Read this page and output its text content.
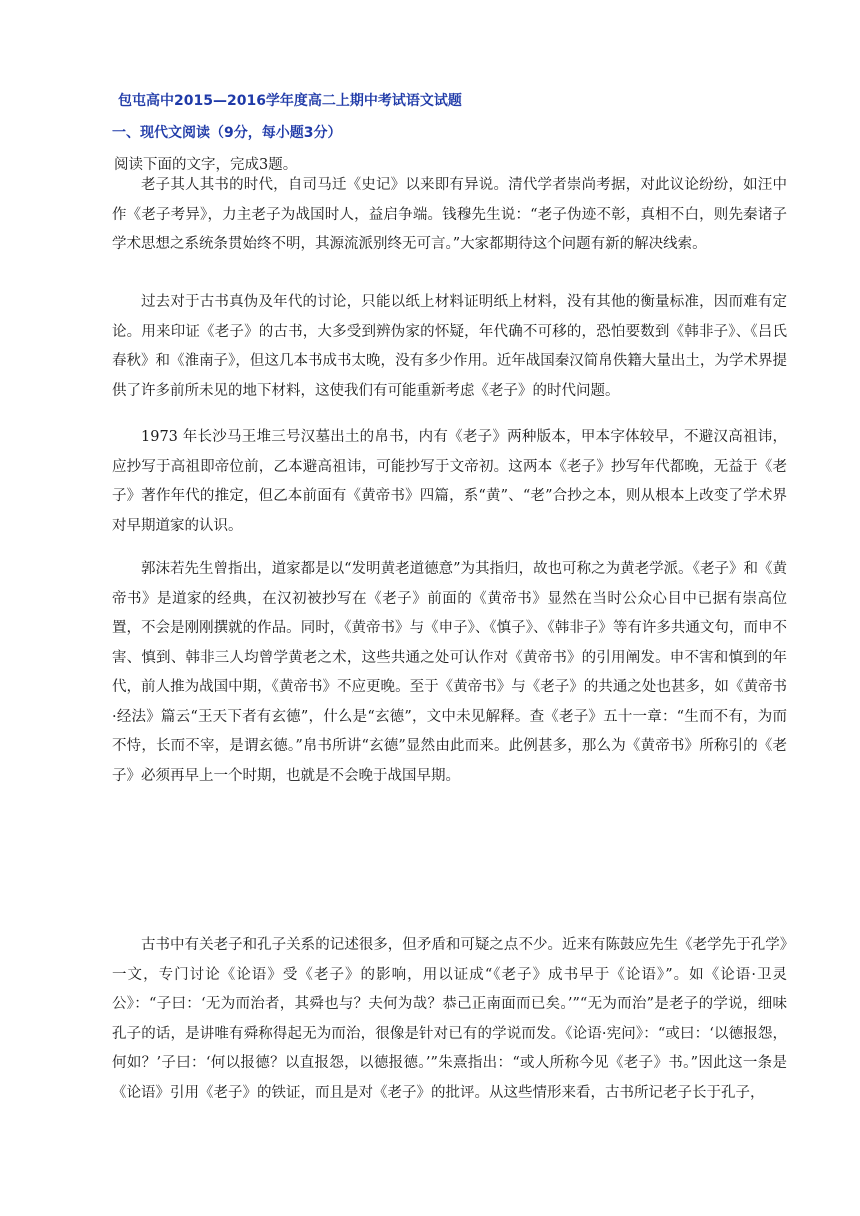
包屯高中2015—2016学年度高二上期中考试语文试题
一、现代文阅读（9分，每小题3分）

阅读下面的文字，完成3题。

老子其人其书的时代，自司马迁《史记》以来即有异说。清代学者崇尚考据，对此议论纷纷，如汪中作《老子考异》，力主老子为战国时人，益启争端。钱穆先生说：“老子伪迹不彰，真相不白，则先秦诸子学术思想之系统条贯始终不明，其源流派别终无可言。”大家都期待这个问题有新的解决线索。

过去对于古书真伪及年代的讨论，只能以纸上材料证明纸上材料，没有其他的衡量标准，因而难有定论。用来印证《老子》的古书，大多受到辨伪家的怀疑，年代确不可移的，恐怕要数到《韩非子》、《吕氏春秋》和《淮南子》，但这几本书成书太晚，没有多少作用。近年战国秦汉简帛佚籍大量出土，为学术界提供了许多前所未见的地下材料，这使我们有可能重新考虑《老子》的时代问题。

1973 年长沙马王堆三号汉墓出土的帛书，内有《老子》两种版本，甲本字体较早，不避汉高祖讳，应抄写于高祖即帝位前，乙本避高祖讳，可能抄写于文帝初。这两本《老子》抄写年代都晚，无益于《老子》著作年代的推定，但乙本前面有《黄帝书》四篇，系“黄”、“老”合抄之本，则从根本上改变了学术界对早期道家的认识。

郭沫若先生曾指出，道家都是以“发明黄老道德意”为其指归，故也可称之为黄老学派。《老子》和《黄帝书》是道家的经典，在汉初被抄写在《老子》前面的《黄帝书》显然在当时公众心目中已据有崇高位置，不会是刚刚撰就的作品。同时，《黄帝书》与《申子》、《慎子》、《韩非子》等有许多共通文句，而申不害、慎到、韩非三人均曾学黄老之术，这些共通之处可认作对《黄帝书》的引用阐发。申不害和慎到的年代，前人推为战国中期，《黄帝书》不应更晚。至于《黄帝书》与《老子》的共通之处也甚多，如《黄帝书·经法》篇云“王天下者有玄德”，什么是“玄德”，文中未见解释。查《老子》五十一章：“生而不有，为而不恃，长而不宰，是谓玄德。”帛书所讲“玄德”显然由此而来。此例甚多，那么为《黄帝书》所称引的《老子》必须再早上一个时期，也就是不会晚于战国早期。

古书中有关老子和孔子关系的记述很多，但矛盾和可疑之点不少。近来有陈鼓应先生《老学先于孔学》一文，专门讨论《论语》受《老子》的影响，用以证成“《老子》成书早于《论语》”。如《论语·卫灵公》：“子曰：‘无为而治者，其舜也与？夫何为哉？恭己正南面而已矣。’”“无为而治”是老子的学说，细味孔子的话，是讲唯有舜称得起无为而治，很像是针对已有的学说而发。《论语·宪问》：“或曰：‘以德报怨，何如？’子曰：‘何以报德？以直报怨，以德报德。’”朱熹指出：“或人所称今见《老子》书。”因此这一条是《论语》引用《老子》的铁证，而且是对《老子》的批评。从这些情形来看，古书所记老子长于孔子，
